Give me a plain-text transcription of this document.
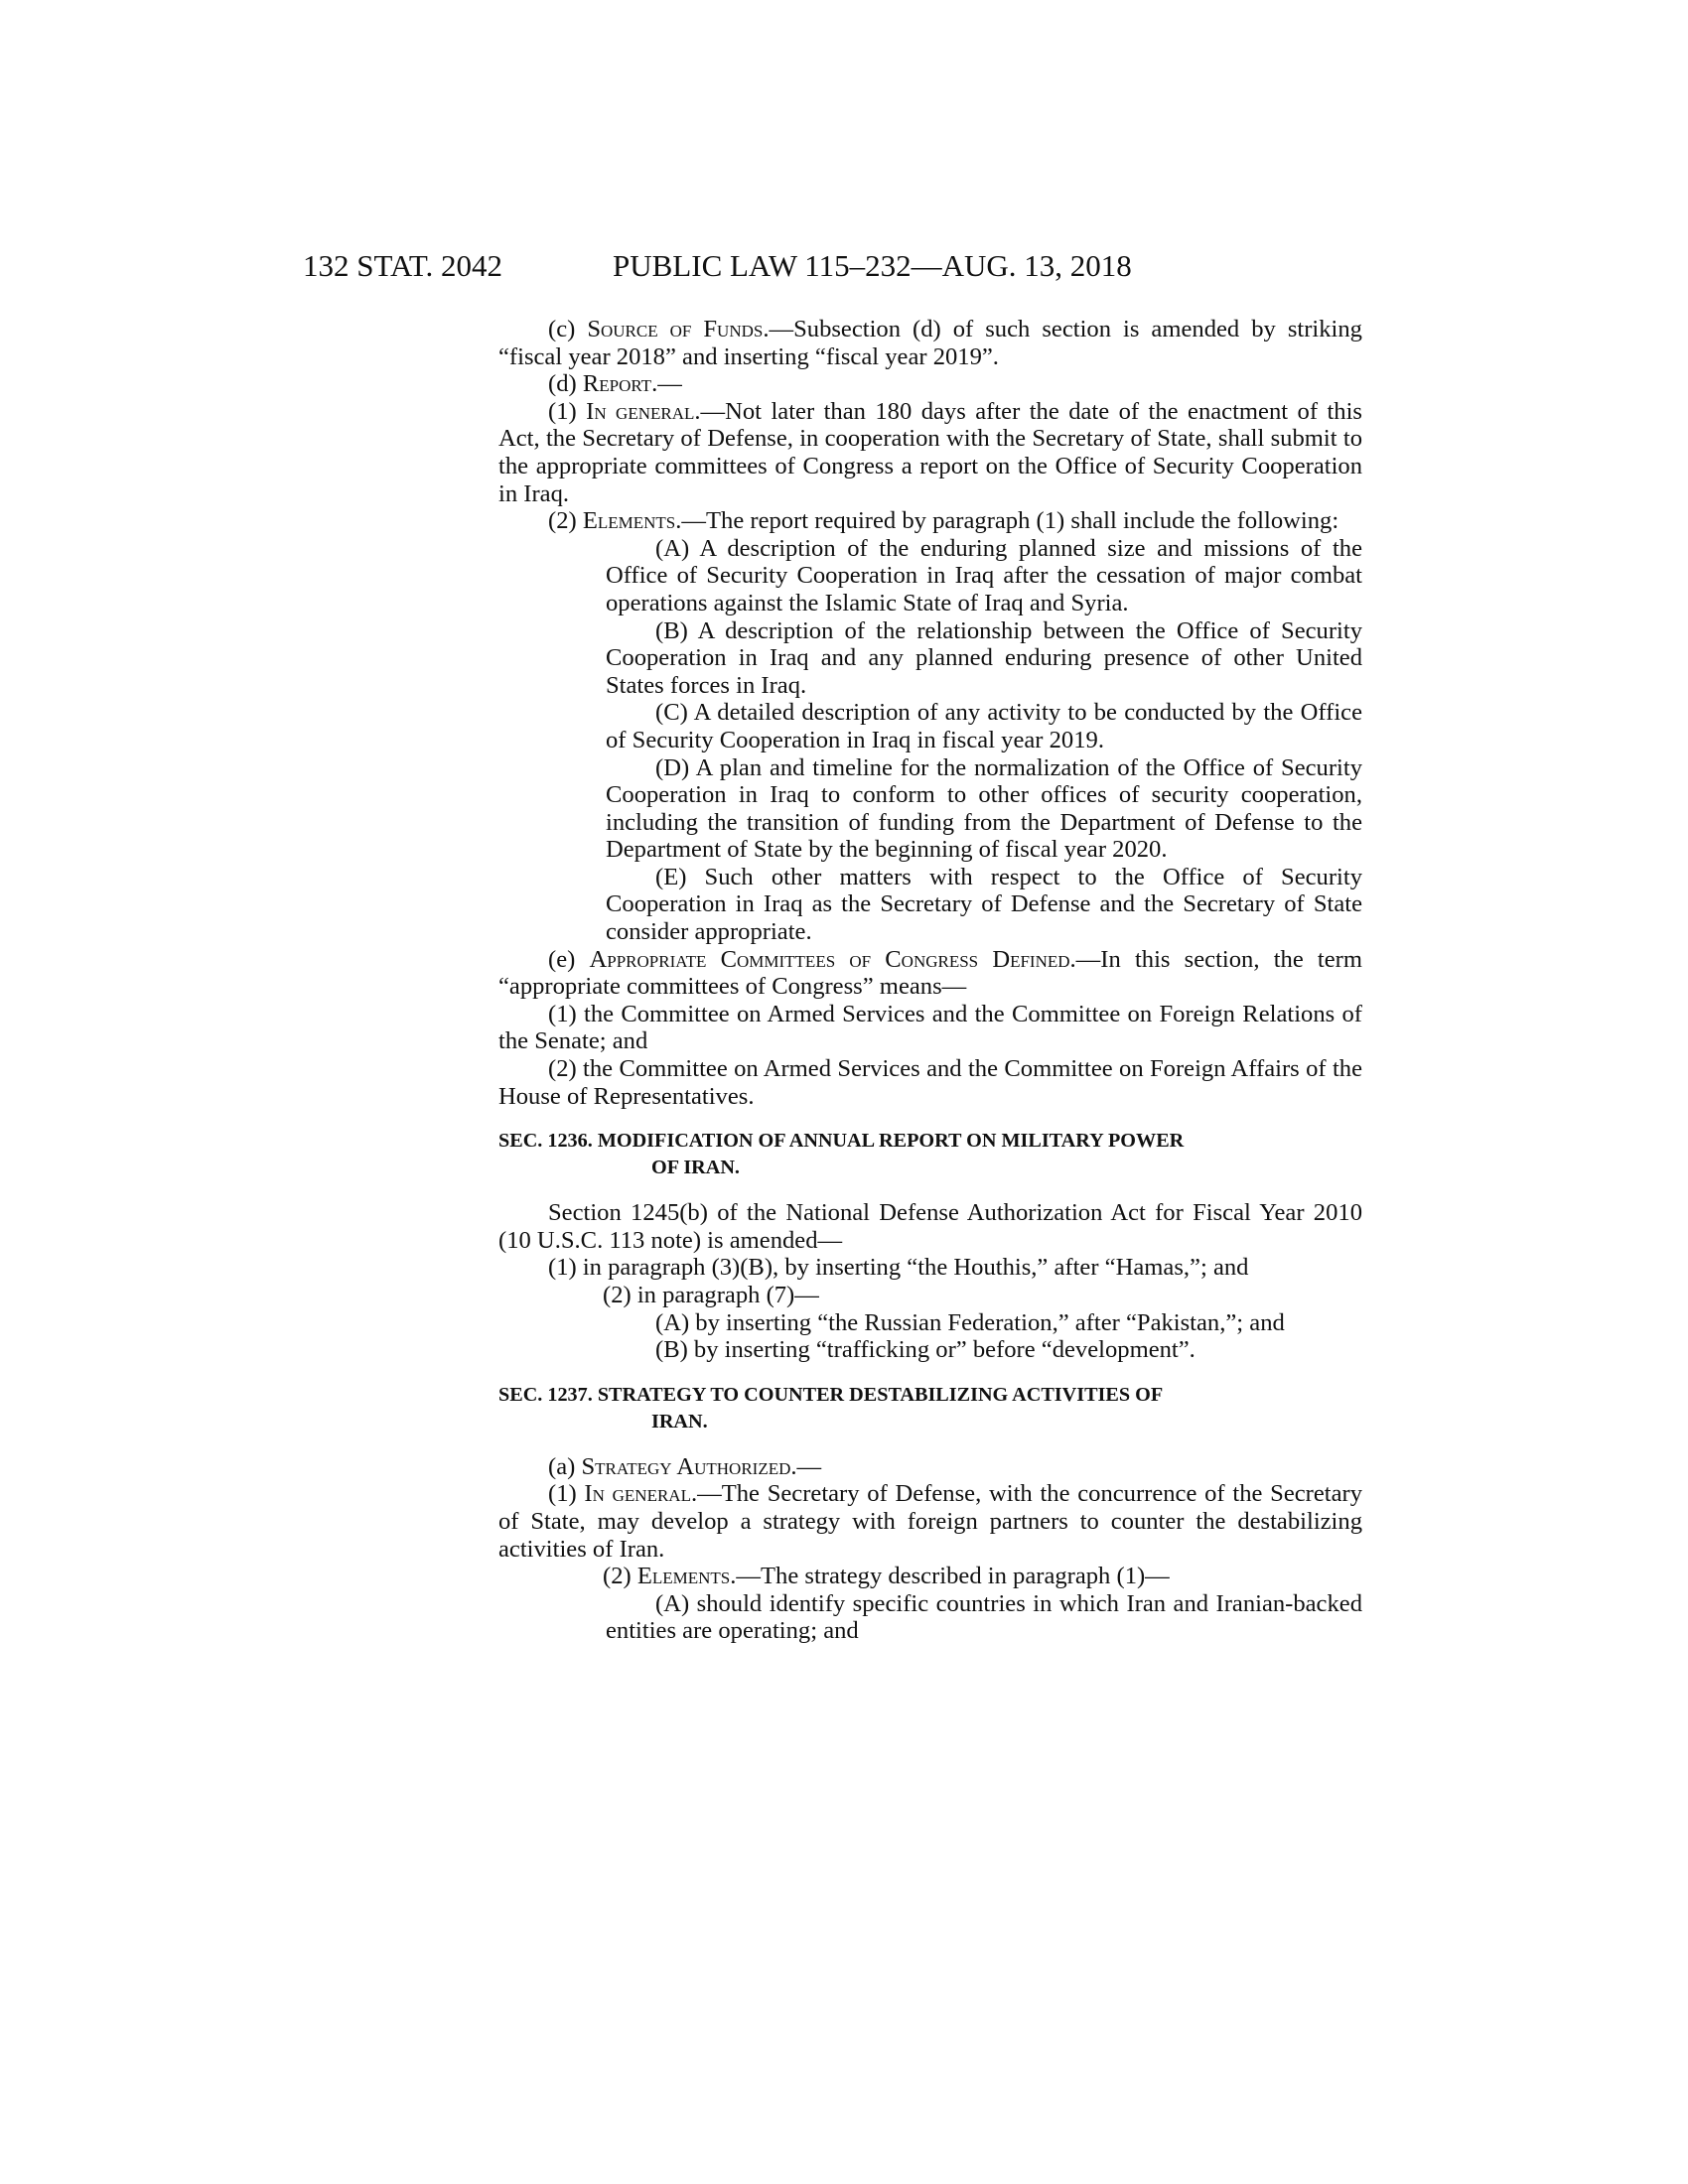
132 STAT. 2042	PUBLIC LAW 115–232—AUG. 13, 2018

(c) Source of Funds.—Subsection (d) of such section is amended by striking “fiscal year 2018” and inserting “fiscal year 2019”.

(d) Report.—

(1) In general.—Not later than 180 days after the date of the enactment of this Act, the Secretary of Defense, in cooperation with the Secretary of State, shall submit to the appropriate committees of Congress a report on the Office of Security Cooperation in Iraq.

(2) Elements.—The report required by paragraph (1) shall include the following:

(A) A description of the enduring planned size and missions of the Office of Security Cooperation in Iraq after the cessation of major combat operations against the Islamic State of Iraq and Syria.

(B) A description of the relationship between the Office of Security Cooperation in Iraq and any planned enduring presence of other United States forces in Iraq.

(C) A detailed description of any activity to be conducted by the Office of Security Cooperation in Iraq in fiscal year 2019.

(D) A plan and timeline for the normalization of the Office of Security Cooperation in Iraq to conform to other offices of security cooperation, including the transition of funding from the Department of Defense to the Department of State by the beginning of fiscal year 2020.

(E) Such other matters with respect to the Office of Security Cooperation in Iraq as the Secretary of Defense and the Secretary of State consider appropriate.

(e) Appropriate Committees of Congress Defined.—In this section, the term “appropriate committees of Congress” means—

(1) the Committee on Armed Services and the Committee on Foreign Relations of the Senate; and

(2) the Committee on Armed Services and the Committee on Foreign Affairs of the House of Representatives.

SEC. 1236. MODIFICATION OF ANNUAL REPORT ON MILITARY POWER
OF IRAN.

Section 1245(b) of the National Defense Authorization Act for Fiscal Year 2010 (10 U.S.C. 113 note) is amended—

(1) in paragraph (3)(B), by inserting “the Houthis,” after “Hamas,”; and

(2) in paragraph (7)—

(A) by inserting “the Russian Federation,” after “Pakistan,”; and

(B) by inserting “trafficking or” before “development”.

SEC. 1237. STRATEGY TO COUNTER DESTABILIZING ACTIVITIES OF
IRAN.

(a) Strategy Authorized.—

(1) In general.—The Secretary of Defense, with the concurrence of the Secretary of State, may develop a strategy with foreign partners to counter the destabilizing activities of Iran.

(2) Elements.—The strategy described in paragraph (1)—

(A) should identify specific countries in which Iran and Iranian-backed entities are operating; and
